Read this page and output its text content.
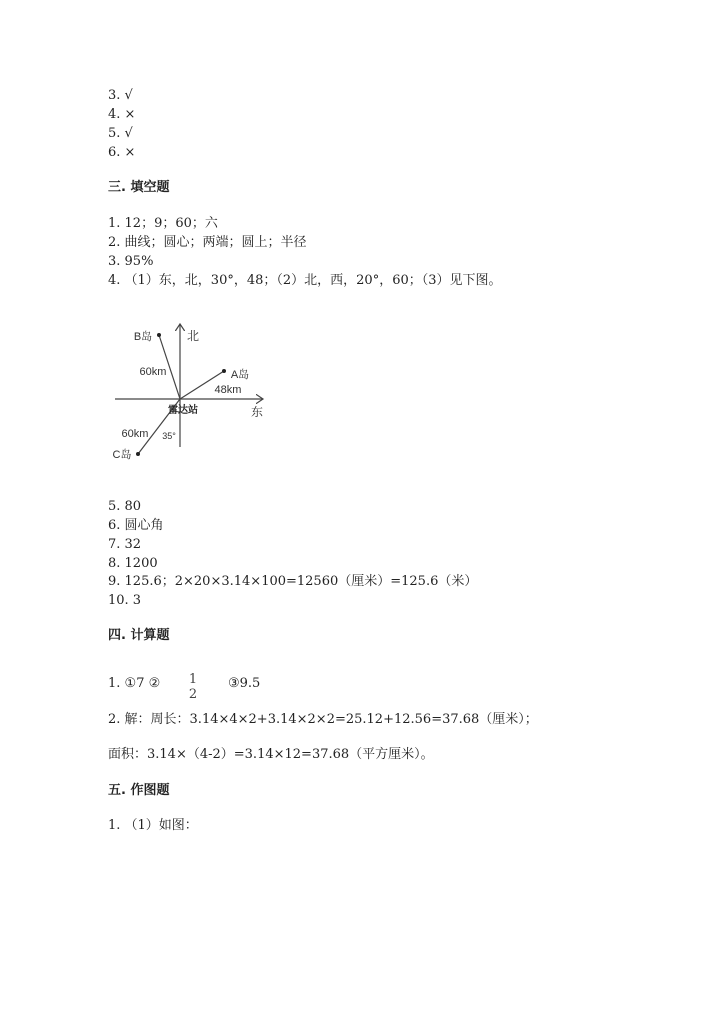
3. √
4. ×
5. √
6. ×
三. 填空题
1. 12；9；60；六
2. 曲线；圆心；两端；圆上；半径
3. 95%
4. （1）东，北，30°，48；（2）北，西，20°，60；（3）见下图。
B岛	北
60km	A岛
48km
雷达站	东
60km 35°
C岛
5. 80
6. 圆心角
7. 32
8. 1200
9. 125.6；2×20×3.14×100=12560（厘米）=125.6（米）
10. 3
四. 计算题
1. ①7 ② 1
2
③9.5
2. 解：周长：3.14×4×2+3.14×2×2=25.12+12.56=37.68（厘米）；
面积：3.14×（4-2）=3.14×12=37.68（平方厘米）。
五. 作图题
1. （1）如图：
